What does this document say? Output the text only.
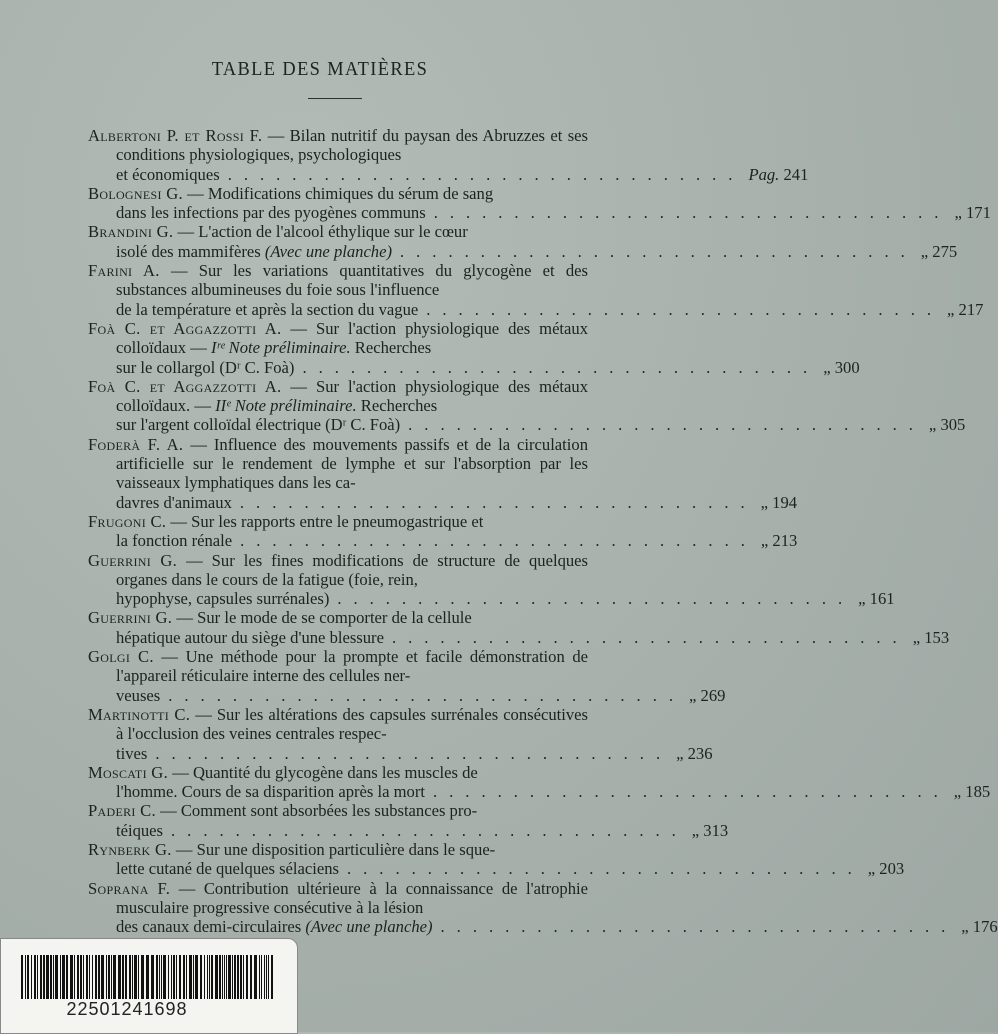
TABLE DES MATIÈRES
Albertoni P. et Rossi F. — Bilan nutritif du paysan des Abruzzes et ses conditions physiologiques, psychologiques
et économiques ................................ Pag. 241
Bolognesi G. — Modifications chimiques du sérum de sang
dans les infections par des pyogènes communs ................................ „ 171
Brandini G. — L'action de l'alcool éthylique sur le cœur
isolé des mammifères (Avec une planche) ................................ „ 275
Farini A. — Sur les variations quantitatives du glycogène et des substances albumineuses du foie sous l'influence
de la température et après la section du vague ................................ „ 217
Foà C. et Aggazzotti A. — Sur l'action physiologique des métaux colloïdaux — Iʳᵉ Note préliminaire. Recherches
sur le collargol (Dʳ C. Foà) ................................ „ 300
Foà C. et Aggazzotti A. — Sur l'action physiologique des métaux colloïdaux. — IIᵉ Note préliminaire. Recherches
sur l'argent colloïdal électrique (Dʳ C. Foà) ................................ „ 305
Foderà F. A. — Influence des mouvements passifs et de la circulation artificielle sur le rendement de lymphe et sur l'absorption par les vaisseaux lymphatiques dans les ca-
davres d'animaux ................................ „ 194
Frugoni C. — Sur les rapports entre le pneumogastrique et
la fonction rénale ................................ „ 213
Guerrini G. — Sur les fines modifications de structure de quelques organes dans le cours de la fatigue (foie, rein,
hypophyse, capsules surrénales) ................................ „ 161
Guerrini G. — Sur le mode de se comporter de la cellule
hépatique autour du siège d'une blessure ................................ „ 153
Golgi C. — Une méthode pour la prompte et facile démonstration de l'appareil réticulaire interne des cellules ner-
veuses ................................ „ 269
Martinotti C. — Sur les altérations des capsules surrénales consécutives à l'occlusion des veines centrales respec-
tives ................................ „ 236
Moscati G. — Quantité du glycogène dans les muscles de
l'homme. Cours de sa disparition après la mort ................................ „ 185
Paderi C. — Comment sont absorbées les substances pro-
téiques ................................ „ 313
Rynberk G. — Sur une disposition particulière dans le sque-
lette cutané de quelques sélaciens ................................ „ 203
Soprana F. — Contribution ultérieure à la connaissance de l'atrophie musculaire progressive consécutive à la lésion
des canaux demi-circulaires (Avec une planche) ................................ „ 176
22501241698
